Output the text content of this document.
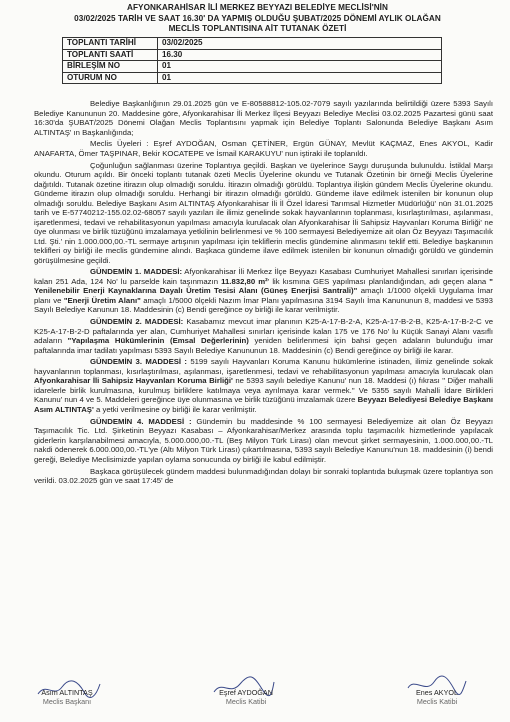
AFYONKARAHİSAR İLİ MERKEZ BEYYAZI BELEDİYE MECLİSİ'NİN
03/02/2025 TARİH VE SAAT 16.30' DA YAPMIŞ OLDUĞU ŞUBAT/2025 DÖNEMİ AYLIK OLAĞAN
MECLİS TOPLANTISINA AİT TUTANAK ÖZETİ
TOPLANTI TARİHİ	03/02/2025
TOPLANTI SAATİ	16.30
BİRLEŞİM NO	01
OTURUM NO	01

Belediye Başkanlığının 29.01.2025 gün ve E-80588812-105.02-7079 sayılı yazılarında belirtildiği üzere 5393 Sayılı Belediye Kanununun 20. Maddesine göre, Afyonkarahisar İli Merkez İlçesi Beyyazı Belediye Meclisi 03.02.2025 Pazartesi günü saat 16:30'da ŞUBAT/2025 Dönemi Olağan Meclis Toplantısını yapmak için Belediye Toplantı Salonunda Belediye Başkanı Asım ALTINTAŞ' ın Başkanlığında;

Meclis Üyeleri : Eşref AYDOĞAN, Osman ÇETİNER, Ergün GÜNAY, Mevlüt KAÇMAZ, Enes AKYOL, Kadir ANAFARTA, Ömer TAŞPINAR, Bekir KOCATEPE ve İsmail KARAKUYU' nun iştiraki ile toplanıldı.

Çoğunluğun sağlanması üzerine Toplantıya geçildi. Başkan ve üyelerince Saygı duruşunda bulunuldu. İstiklal Marşı okundu. Oturum açıldı. Bir önceki toplantı tutanak özeti Meclis Üyelerine okundu ve Tutanak Özetinin bir örneği Meclis Üyelerine dağıtıldı. Tutanak özetine itirazın olup olmadığı soruldu. İtirazın olmadığı görüldü. Toplantıya ilişkin gündem Meclis Üyelerine okundu. Gündeme itirazın olup olmadığı soruldu. Herhangi bir itirazın olmadığı görüldü. Gündeme ilave edilmek istenilen bir konunun olup olmadığı soruldu. Belediye Başkanı Asım ALTINTAŞ Afyonkarahisar İli İl Özel İdaresi Tarımsal Hizmetler Müdürlüğü' nün 31.01.2025 tarih ve E-57740212-155.02.02-68057 sayılı yazıları ile ilimiz genelinde sokak hayvanlarının toplanması, kısırlaştırılması, aşılanması, işaretlenmesi, tedavi ve rehabilitasyonun yapılması amacıyla kurulacak olan Afyonkarahisar İli Sahipsiz Hayvanları Koruma Birliği' ne üye olunması ve birlik tüzüğünü imzalamaya yetkilinin belirlenmesi ve % 100 sermayesi Belediyemize ait olan Öz Beyyazı Taşımacılık Ltd. Şti.' nin 1.000.000,00.-TL sermaye artışının yapılması için tekliflerin meclis gündemine alınmasını teklif etti. Belediye başkanının teklifleri oy birliği ile meclis gündemine alındı. Başkaca gündeme ilave edilmek istenilen bir konunun olmadığı görüldü ve gündemin görüşülmesine geçildi.

GÜNDEMİN 1. MADDESİ: Afyonkarahisar İli Merkez İlçe Beyyazı Kasabası Cumhuriyet Mahallesi sınırları içerisinde kalan 251 Ada, 124 No' lu parselde kain taşınmazın 11.832,80 m²' lik kısmına GES yapılması planlandığından, adı geçen alana " Yenilenebilir Enerji Kaynaklarına Dayalı Üretim Tesisi Alanı (Güneş Enerjisi Santrali)" amaçlı 1/1000 ölçekli Uygulama İmar planı ve "Enerji Üretim Alanı" amaçlı 1/5000 ölçekli Nazım İmar Planı yapılmasına 3194 Sayılı İma Kanununun 8, maddesi ve 5393 Sayılı Belediye Kanunun 18. Maddesinin (c) Bendi gereğince oy birliği ile karar verilmiştir.

GÜNDEMİN 2. MADDESİ: Kasabamız mevcut imar planının K25-A-17-B-2-A, K25-A-17-B-2-B, K25-A-17-B-2-C ve K25-A-17-B-2-D paftalarında yer alan, Cumhuriyet Mahallesi sınırları içerisinde kalan 175 ve 176 No' lu Küçük Sanayi Alanı vasıflı adaların "Yapılaşma Hükümlerinin (Emsal Değerlerinin) yeniden belirlenmesi için bahsi geçen adaların bulunduğu imar paftalarında imar tadilatı yapılması 5393 Sayılı Belediye Kanununun 18. Maddesinin (c) Bendi gereğince oy birliği ile karar.

GÜNDEMİN 3. MADDESİ : 5199 sayılı Hayvanları Koruma Kanunu hükümlerine istinaden, ilimiz genelinde sokak hayvanlarının toplanması, kısırlaştırılması, aşılanması, işaretlenmesi, tedavi ve rehabilitasyonun yapılması amacıyla kurulacak olan Afyonkarahisar İli Sahipsiz Hayvanları Koruma Birliği' ne 5393 sayılı belediye Kanunu' nun 18. Maddesi (ı) fıkrası " Diğer mahalli idarelerle birlik kurulmasına, kurulmuş birliklere katılmaya veya ayrılmaya karar vermek." Ve 5355 sayılı Mahalli İdare Birlikleri Kanunu' nun 4 ve 5. Maddeleri gereğince üye olunmasına ve birlik tüzüğünü imzalamak üzere Beyyazı Belediyesi Belediye Başkanı Asım ALTINTAŞ' a yetki verilmesine oy birliği ile karar verilmiştir.

GÜNDEMİN 4. MADDESİ : Gündemin bu maddesinde % 100 sermayesi Belediyemize ait olan Öz Beyyazı Taşımacılık Tic. Ltd. Şirketinin Beyyazı Kasabası – Afyonkarahisar/Merkez arasında toplu taşımacılık hizmetlerinde yapılacak giderlerin karşılanabilmesi amacıyla, 5.000.000,00.-TL (Beş Milyon Türk Lirası) olan mevcut şirket sermayesinin, 1.000.000,00.-TL nakdi ödenerek 6.000.000,00.-TL'ye (Altı Milyon Türk Lirası) çıkartılmasına, 5393 sayılı Belediye Kanunu'nun 18. maddesinin (i) bendi gereği, Belediye Meclisimizde yapılan oylama sonucunda oy birliği ile kabul edilmiştir.

Başkaca görüşülecek gündem maddesi bulunmadığından dolayı bir sonraki toplantıda buluşmak üzere toplantıya son verildi. 03.02.2025 gün ve saat 17:45' de

Asım ALTINTAŞ
Meclis Başkanı
Eşref AYDOĞAN
Meclis Katibi
Enes AKYOL
Meclis Katibi
